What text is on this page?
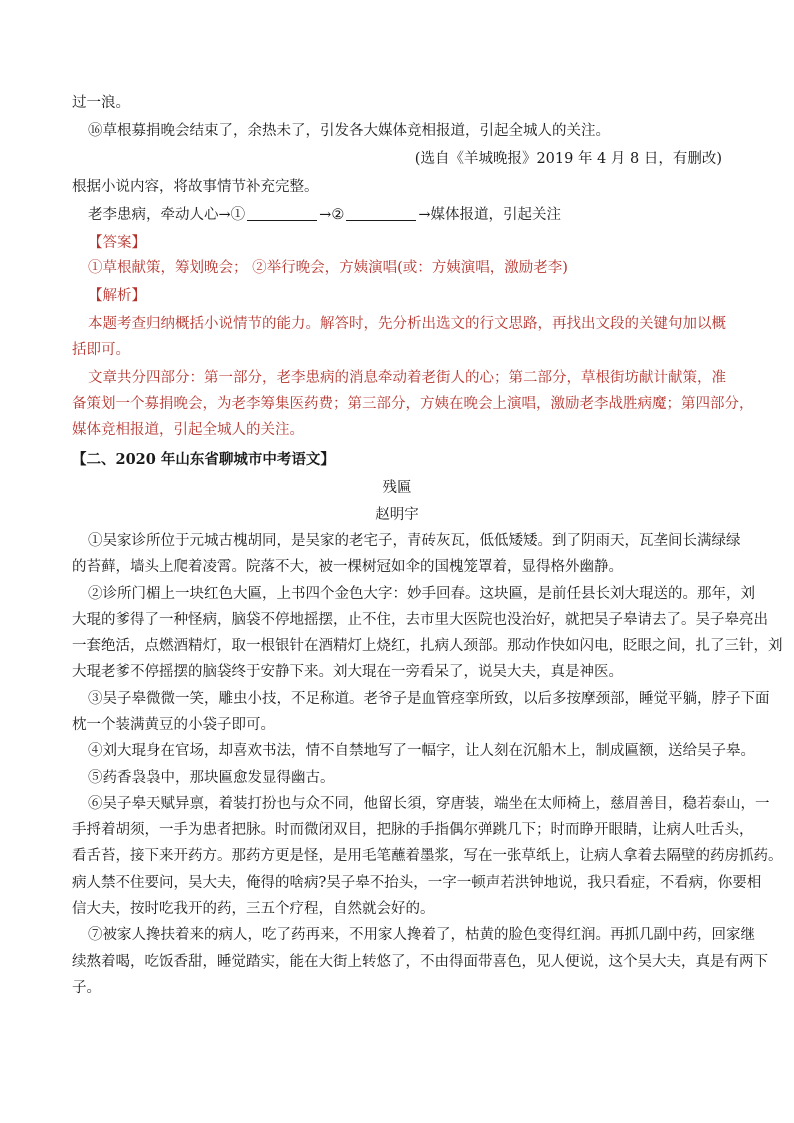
过一浪。
⑯草根募捐晚会结束了，余热未了，引发各大媒体竞相报道，引起全城人的关注。
(选自《羊城晚报》2019 年 4 月 8 日，有删改)
根据小说内容，将故事情节补充完整。
老李患病，牵动人心→①	→②	→媒体报道，引起关注
【答案】
①草根献策，筹划晚会； ②举行晚会，方姨演唱(或：方姨演唱，激励老李)
【解析】
本题考查归纳概括小说情节的能力。解答时，先分析出选文的行文思路，再找出文段的关键句加以概
括即可。
文章共分四部分：第一部分，老李患病的消息牵动着老街人的心；第二部分，草根街坊献计献策，准
备策划一个募捐晚会，为老李筹集医药费；第三部分，方姨在晚会上演唱，激励老李战胜病魔；第四部分，
媒体竞相报道，引起全城人的关注。
【二、2020 年山东省聊城市中考语文】
残匾
赵明宇
①吴家诊所位于元城古槐胡同，是吴家的老宅子，青砖灰瓦，低低矮矮。到了阴雨天，瓦垄间长满绿绿
的苔藓，墙头上爬着凌霄。院落不大，被一棵树冠如伞的国槐笼罩着，显得格外幽静。
②诊所门楣上一块红色大匾，上书四个金色大字：妙手回春。这块匾，是前任县长刘大琨送的。那年，刘
大琨的爹得了一种怪病，脑袋不停地摇摆，止不住，去市里大医院也没治好，就把吴子皋请去了。吴子皋亮出
一套绝活，点燃酒精灯，取一根银针在酒精灯上烧红，扎病人颈部。那动作快如闪电，眨眼之间，扎了三针，刘
大琨老爹不停摇摆的脑袋终于安静下来。刘大琨在一旁看呆了，说吴大夫，真是神医。
③吴子皋微微一笑，雕虫小技，不足称道。老爷子是血管痉挛所致，以后多按摩颈部，睡觉平躺，脖子下面
枕一个装满黄豆的小袋子即可。
④刘大琨身在官场，却喜欢书法，情不自禁地写了一幅字，让人刻在沉船木上，制成匾额，送给吴子皋。
⑤药香袅袅中，那块匾愈发显得幽古。
⑥吴子皋天赋异禀，着装打扮也与众不同，他留长須，穿唐装，端坐在太师椅上，慈眉善目，稳若泰山，一
手捋着胡须，一手为患者把脉。时而微闭双目，把脉的手指偶尔弹跳几下；时而睁开眼睛，让病人吐舌头，
看舌苔，接下来开药方。那药方更是怪，是用毛笔蘸着墨浆，写在一张草纸上，让病人拿着去隔壁的药房抓药。
病人禁不住要问，吴大夫，俺得的啥病?吴子皋不抬头，一字一顿声若洪钟地说，我只看症，不看病，你要相
信大夫，按时吃我开的药，三五个疗程，自然就会好的。
⑦被家人搀扶着来的病人，吃了药再来，不用家人搀着了，枯黄的脸色变得红润。再抓几副中药，回家继
续熬着喝，吃饭香甜，睡觉踏实，能在大街上转悠了，不由得面带喜色，见人便说，这个吴大夫，真是有两下
子。
